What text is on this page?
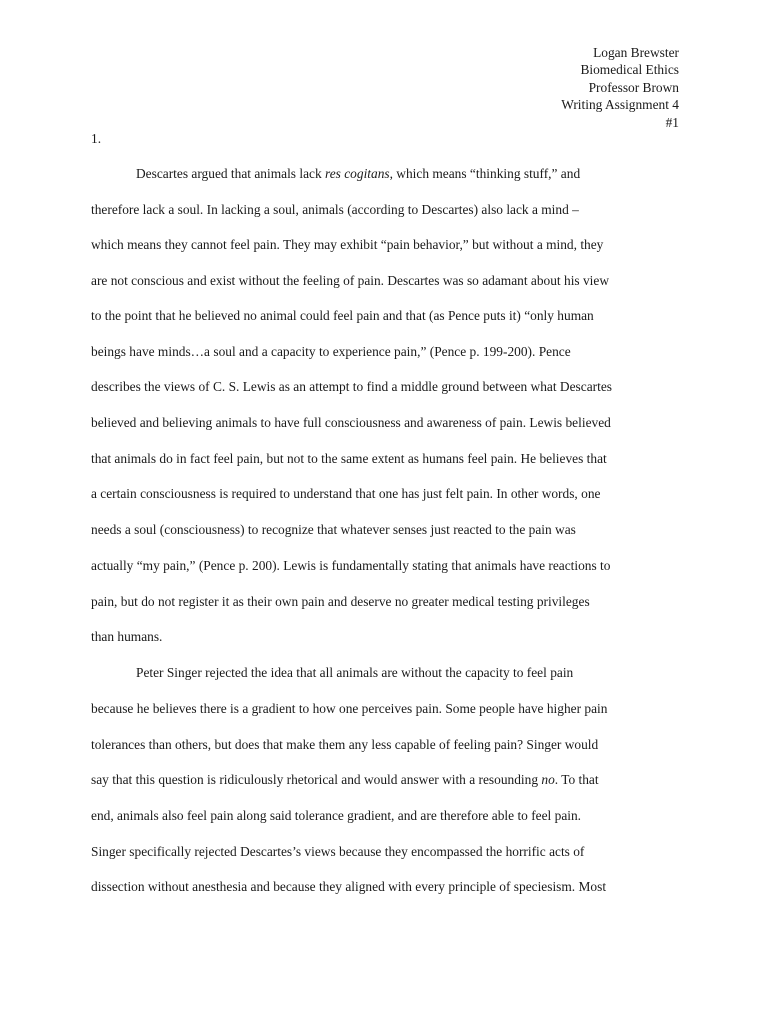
Logan Brewster
Biomedical Ethics
Professor Brown
Writing Assignment 4
#1
1.
Descartes argued that animals lack res cogitans, which means “thinking stuff,” and
therefore lack a soul. In lacking a soul, animals (according to Descartes) also lack a mind –
which means they cannot feel pain. They may exhibit “pain behavior,” but without a mind, they
are not conscious and exist without the feeling of pain. Descartes was so adamant about his view
to the point that he believed no animal could feel pain and that (as Pence puts it) “only human
beings have minds…a soul and a capacity to experience pain,” (Pence p. 199-200). Pence
describes the views of C. S. Lewis as an attempt to find a middle ground between what Descartes
believed and believing animals to have full consciousness and awareness of pain. Lewis believed
that animals do in fact feel pain, but not to the same extent as humans feel pain. He believes that
a certain consciousness is required to understand that one has just felt pain. In other words, one
needs a soul (consciousness) to recognize that whatever senses just reacted to the pain was
actually “my pain,” (Pence p. 200). Lewis is fundamentally stating that animals have reactions to
pain, but do not register it as their own pain and deserve no greater medical testing privileges
than humans.
Peter Singer rejected the idea that all animals are without the capacity to feel pain
because he believes there is a gradient to how one perceives pain. Some people have higher pain
tolerances than others, but does that make them any less capable of feeling pain? Singer would
say that this question is ridiculously rhetorical and would answer with a resounding no. To that
end, animals also feel pain along said tolerance gradient, and are therefore able to feel pain.
Singer specifically rejected Descartes’s views because they encompassed the horrific acts of
dissection without anesthesia and because they aligned with every principle of speciesism. Most
